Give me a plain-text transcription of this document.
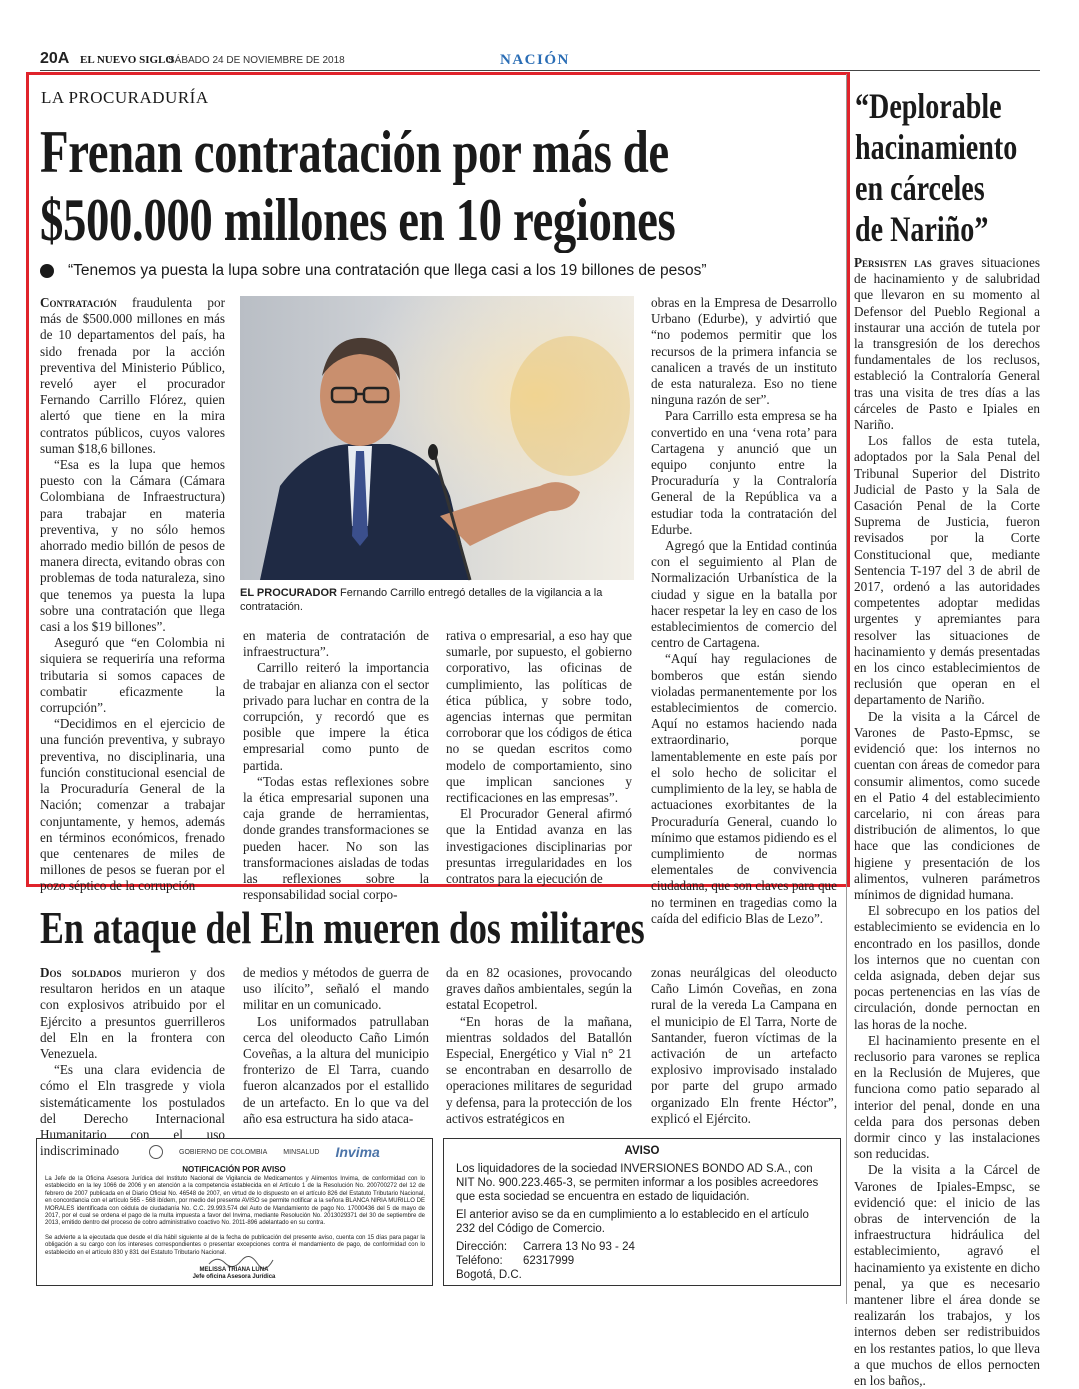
20A EL NUEVO SIGLO
SÁBADO 24 DE NOVIEMBRE DE 2018	NACIÓN
LA PROCURADURÍA
Frenan contratación por más de
$500.000 millones en 10 regiones
“Tenemos ya puesta la lupa sobre una contratación que llega casi a los 19 billones de pesos”

Contratación fraudulenta por más de $500.000 millones en más de 10 departamentos del país, ha sido frenada por la acción preventiva del Ministerio Público, reveló ayer el procurador Fernando Carrillo Flórez, quien alertó que tiene en la mira contratos públicos, cuyos valores suman $18,6 billones.

“Esa es la lupa que hemos puesto con la Cámara (Cámara Colombiana de Infraestructura) para trabajar en materia preventiva, y no sólo hemos ahorrado medio billón de pesos de manera directa, evitando obras con problemas de toda naturaleza, sino que tenemos ya puesta la lupa sobre una contratación que llega casi a los $19 billones”.

Aseguró que “en Colombia ni siquiera se requeriría una reforma tributaria si somos capaces de combatir eficazmente la corrupción”.

“Decidimos en el ejercicio de una función preventiva, y subrayo preventiva, no disciplinaria, una función constitucional esencial de la Procuraduría General de la Nación; comenzar a trabajar conjuntamente, y hemos, además en términos económicos, frenado que centenares de miles de millones de pesos se fueran por el pozo séptico de la corrupción

EL PROCURADOR Fernando Carrillo entregó detalles de la vigilancia a la contratación.

en materia de contratación de infraestructura”.

Carrillo reiteró la importancia de trabajar en alianza con el sector privado para luchar en contra de la corrupción, y recordó que es posible que impere la ética empresarial como punto de partida.

“Todas estas reflexiones sobre la ética empresarial suponen una caja grande de herramientas, donde grandes transformaciones se pueden hacer. No son las transformaciones aisladas de todas las reflexiones sobre la responsabilidad social corpo-

rativa o empresarial, a eso hay que sumarle, por supuesto, el gobierno corporativo, las oficinas de cumplimiento, las políticas de ética pública, y sobre todo, agencias internas que permitan corroborar que los códigos de ética no se quedan escritos como modelo de comportamiento, sino que implican sanciones y rectificaciones en las empresas”.

El Procurador General afirmó que la Entidad avanza en las investigaciones disciplinarias por presuntas irregularidades en los contratos para la ejecución de

obras en la Empresa de Desarrollo Urbano (Edurbe), y advirtió que “no podemos permitir que los recursos de la primera infancia se canalicen a través de un instituto de esta naturaleza. Eso no tiene ninguna razón de ser”.

Para Carrillo esta empresa se ha convertido en una ‘vena rota’ para Cartagena y anunció que un equipo conjunto entre la Procuraduría y la Contraloría General de la República va a estudiar toda la contratación del Edurbe.

Agregó que la Entidad continúa con el seguimiento al Plan de Normalización Urbanística de la ciudad y sigue en la batalla por hacer respetar la ley en caso de los establecimientos de comercio del centro de Cartagena.

“Aquí hay regulaciones de bomberos que están siendo violadas permanentemente por los establecimientos de comercio. Aquí no estamos haciendo nada extraordinario, porque lamentablemente en este país por el solo hecho de solicitar el cumplimiento de la ley, se habla de actuaciones exorbitantes de la Procuraduría General, cuando lo mínimo que estamos pidiendo es el cumplimiento de normas elementales de convivencia ciudadana, que son claves para que no terminen en tragedias como la caída del edificio Blas de Lezo”.

“Deplorable
hacinamiento
en cárceles
de Nariño”

Persisten las graves situaciones de hacinamiento y de salubridad que llevaron en su momento al Defensor del Pueblo Regional a instaurar una acción de tutela por la transgresión de los derechos fundamentales de los reclusos, estableció la Contraloría General tras una visita de tres días a las cárceles de Pasto e Ipiales en Nariño.

Los fallos de esta tutela, adoptados por la Sala Penal del Tribunal Superior del Distrito Judicial de Pasto y la Sala de Casación Penal de la Corte Suprema de Justicia, fueron revisados por la Corte Constitucional que, mediante Sentencia T-197 del 3 de abril de 2017, ordenó a las autoridades competentes adoptar medidas urgentes y apremiantes para resolver las situaciones de hacinamiento y demás presentadas en los cinco establecimientos de reclusión que operan en el departamento de Nariño.

De la visita a la Cárcel de Varones de Pasto-Epmsc, se evidenció que: los internos no cuentan con áreas de comedor para consumir alimentos, como sucede en el Patio 4 del establecimiento carcelario, ni con áreas para distribución de alimentos, lo que hace que las condiciones de higiene y presentación de los alimentos, vulneren parámetros mínimos de dignidad humana.

El sobrecupo en los patios del establecimiento se evidencia en lo encontrado en los pasillos, donde los internos que no cuentan con celda asignada, deben dejar sus pocas pertenencias en las vías de circulación, donde pernoctan en las horas de la noche.

El hacinamiento presente en el reclusorio para varones se replica en la Reclusión de Mujeres, que funciona como patio separado al interior del penal, donde en una celda para dos personas deben dormir cinco y las instalaciones son reducidas.

De la visita a la Cárcel de Varones de Ipiales-Empsc, se evidenció que: el inicio de las obras de intervención de la infraestructura hidráulica del establecimiento, agravó el hacinamiento ya existente en dicho penal, ya que es necesario mantener libre el área donde se realizarán los trabajos, y los internos deben ser redistribuidos en los restantes patios, lo que lleva a que muchos de ellos pernocten en los baños,.

En ataque del Eln mueren dos militares

Dos soldados murieron y dos resultaron heridos en un ataque con explosivos atribuido por el Ejército a presuntos guerrilleros del Eln en la frontera con Venezuela.

“Es una clara evidencia de cómo el Eln trasgrede y viola sistemáticamente los postulados del Derecho Internacional Humanitario con el uso indiscriminado

de medios y métodos de guerra de uso ilícito”, señaló el mando militar en un comunicado.

Los uniformados patrullaban cerca del oleoducto Caño Limón Coveñas, a la altura del municipio fronterizo de El Tarra, cuando fueron alcanzados por el estallido de un artefacto. En lo que va del año esa estructura ha sido ataca-

da en 82 ocasiones, provocando graves daños ambientales, según la estatal Ecopetrol.

“En horas de la mañana, mientras soldados del Batallón Especial, Energético y Vial n° 21 se encontraban en desarrollo de operaciones militares de seguridad y defensa, para la protección de los activos estratégicos en

zonas neurálgicas del oleoducto Caño Limón Coveñas, en zona rural de la vereda La Campana en el municipio de El Tarra, Norte de Santander, fueron víctimas de la activación de un artefacto explosivo improvisado instalado por parte del grupo armado organizado Eln frente Héctor”, explicó el Ejército.

GOBIERNO DE COLOMBIA MINSALUD Invima
NOTIFICACIÓN POR AVISO
La Jefe de la Oficina Asesora Jurídica del Instituto Nacional de Vigilancia de Medicamentos y Alimentos Invima, de conformidad con lo establecido en la ley 1066 de 2006 y en atención a la competencia establecida en el Artículo 1 de la Resolución No. 200700272 del 12 de febrero de 2007 publicada en el Diario Oficial No. 46548 de 2007, en virtud de lo dispuesto en el artículo 826 del Estatuto Tributario Nacional, en concordancia con el artículo 565 - 568 ibídem, por medio del presente AVISO se permite notificar a la señora BLANCA NIRIA MURILLO DE MORALES identificada con cédula de ciudadanía No. C.C. 29.993.574 del Auto de Mandamiento de pago No. 17000436 del 5 de mayo de 2017, por el cual se ordena el pago de la multa impuesta a favor del Invima, mediante Resolución No. 2013029371 del 30 de septiembre de 2013, emitido dentro del proceso de cobro administrativo coactivo No. 2011-896 adelantado en su contra.
Se advierte a la ejecutada que desde el día hábil siguiente al de la fecha de publicación del presente aviso, cuenta con 15 días para pagar la obligación a su cargo con los intereses correspondientes o presentar excepciones contra el mandamiento de pago, de conformidad con lo establecido en el artículo 830 y 831 del Estatuto Tributario Nacional.
MELISSA TRIANA LUNA
Jefe oficina Asesora Jurídica
AVISO
Los liquidadores de la sociedad INVERSIONES BONDO AD S.A., con NIT No. 900.223.465-3, se permiten informar a los posibles acreedores que esta sociedad se encuentra en estado de liquidación.
El anterior aviso se da en cumplimiento a lo establecido en el artículo 232 del Código de Comercio.
Dirección: Carrera 13 No 93 - 24
Teléfono: 62317999
Bogotá, D.C.
